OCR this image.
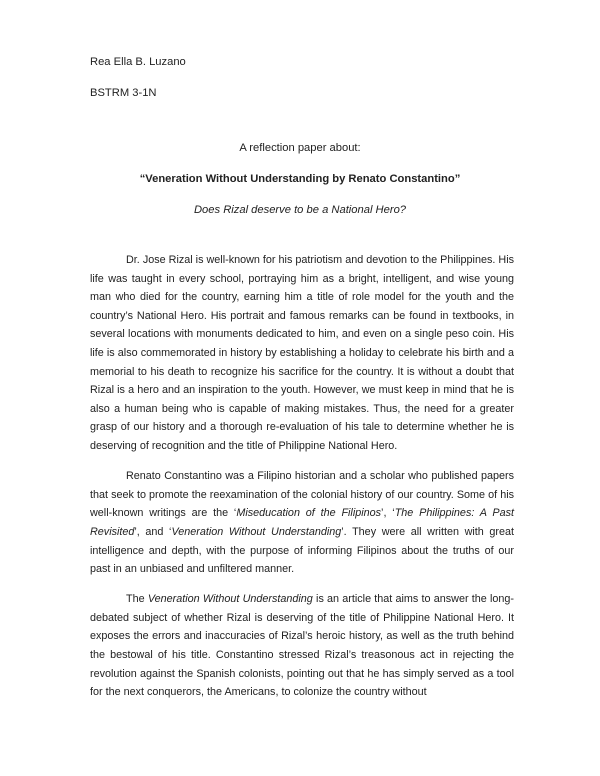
Rea Ella B. Luzano
BSTRM 3-1N
A reflection paper about:
“Veneration Without Understanding by Renato Constantino”
Does Rizal deserve to be a National Hero?

Dr. Jose Rizal is well-known for his patriotism and devotion to the Philippines. His life was taught in every school, portraying him as a bright, intelligent, and wise young man who died for the country, earning him a title of role model for the youth and the country’s National Hero. His portrait and famous remarks can be found in textbooks, in several locations with monuments dedicated to him, and even on a single peso coin. His life is also commemorated in history by establishing a holiday to celebrate his birth and a memorial to his death to recognize his sacrifice for the country. It is without a doubt that Rizal is a hero and an inspiration to the youth. However, we must keep in mind that he is also a human being who is capable of making mistakes. Thus, the need for a greater grasp of our history and a thorough re-evaluation of his tale to determine whether he is deserving of recognition and the title of Philippine National Hero.

Renato Constantino was a Filipino historian and a scholar who published papers that seek to promote the reexamination of the colonial history of our country. Some of his well-known writings are the ‘Miseducation of the Filipinos’, ‘The Philippines: A Past Revisited’, and ‘Veneration Without Understanding’. They were all written with great intelligence and depth, with the purpose of informing Filipinos about the truths of our past in an unbiased and unfiltered manner.

The Veneration Without Understanding is an article that aims to answer the long-debated subject of whether Rizal is deserving of the title of Philippine National Hero. It exposes the errors and inaccuracies of Rizal’s heroic history, as well as the truth behind the bestowal of his title. Constantino stressed Rizal’s treasonous act in rejecting the revolution against the Spanish colonists, pointing out that he has simply served as a tool for the next conquerors, the Americans, to colonize the country without
